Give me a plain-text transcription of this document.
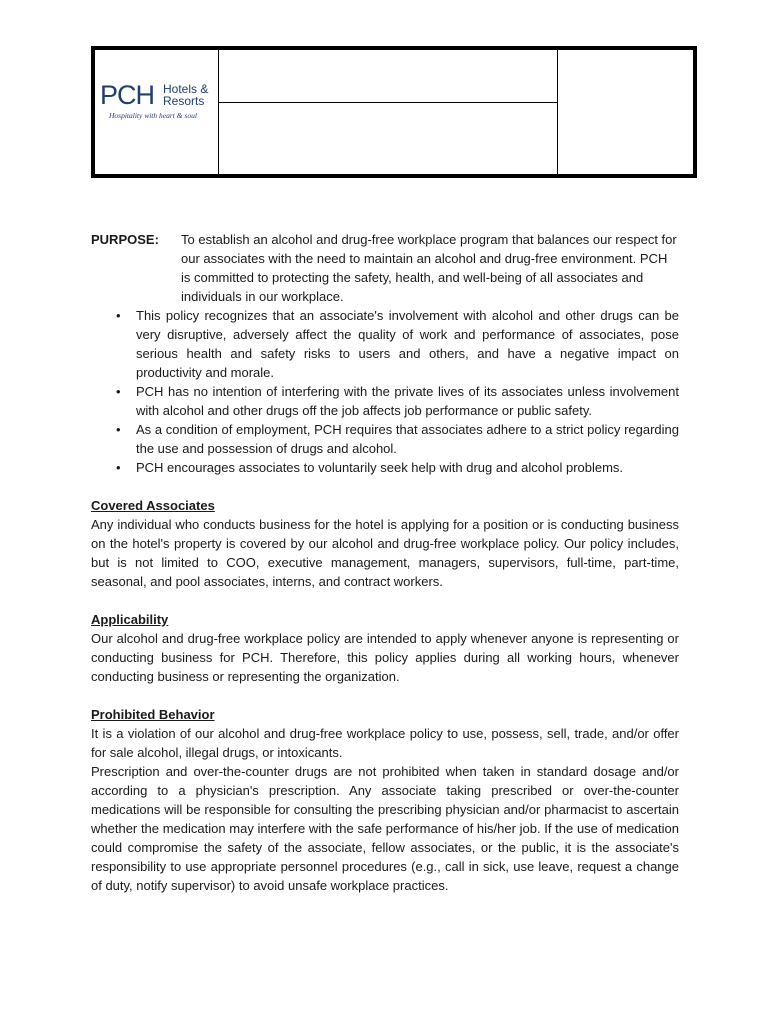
PCH Hotels &
Resorts
Hospitality with heart & soul
PURPOSE: To establish an alcohol and drug-free workplace program that balances our respect for our associates with the need to maintain an alcohol and drug-free environment. PCH is committed to protecting the safety, health, and well-being of all associates and individuals in our workplace.
• This policy recognizes that an associate's involvement with alcohol and other drugs can be very disruptive, adversely affect the quality of work and performance of associates, pose serious health and safety risks to users and others, and have a negative impact on productivity and morale.
• PCH has no intention of interfering with the private lives of its associates unless involvement with alcohol and other drugs off the job affects job performance or public safety.
• As a condition of employment, PCH requires that associates adhere to a strict policy regarding the use and possession of drugs and alcohol.
• PCH encourages associates to voluntarily seek help with drug and alcohol problems.
Covered Associates
Any individual who conducts business for the hotel is applying for a position or is conducting business on the hotel's property is covered by our alcohol and drug-free workplace policy. Our policy includes, but is not limited to COO, executive management, managers, supervisors, full-time, part-time, seasonal, and pool associates, interns, and contract workers.
Applicability
Our alcohol and drug-free workplace policy are intended to apply whenever anyone is representing or conducting business for PCH. Therefore, this policy applies during all working hours, whenever conducting business or representing the organization.
Prohibited Behavior
It is a violation of our alcohol and drug-free workplace policy to use, possess, sell, trade, and/or offer for sale alcohol, illegal drugs, or intoxicants.
Prescription and over-the-counter drugs are not prohibited when taken in standard dosage and/or according to a physician's prescription. Any associate taking prescribed or over-the-counter medications will be responsible for consulting the prescribing physician and/or pharmacist to ascertain whether the medication may interfere with the safe performance of his/her job. If the use of medication could compromise the safety of the associate, fellow associates, or the public, it is the associate's responsibility to use appropriate personnel procedures (e.g., call in sick, use leave, request a change of duty, notify supervisor) to avoid unsafe workplace practices.
